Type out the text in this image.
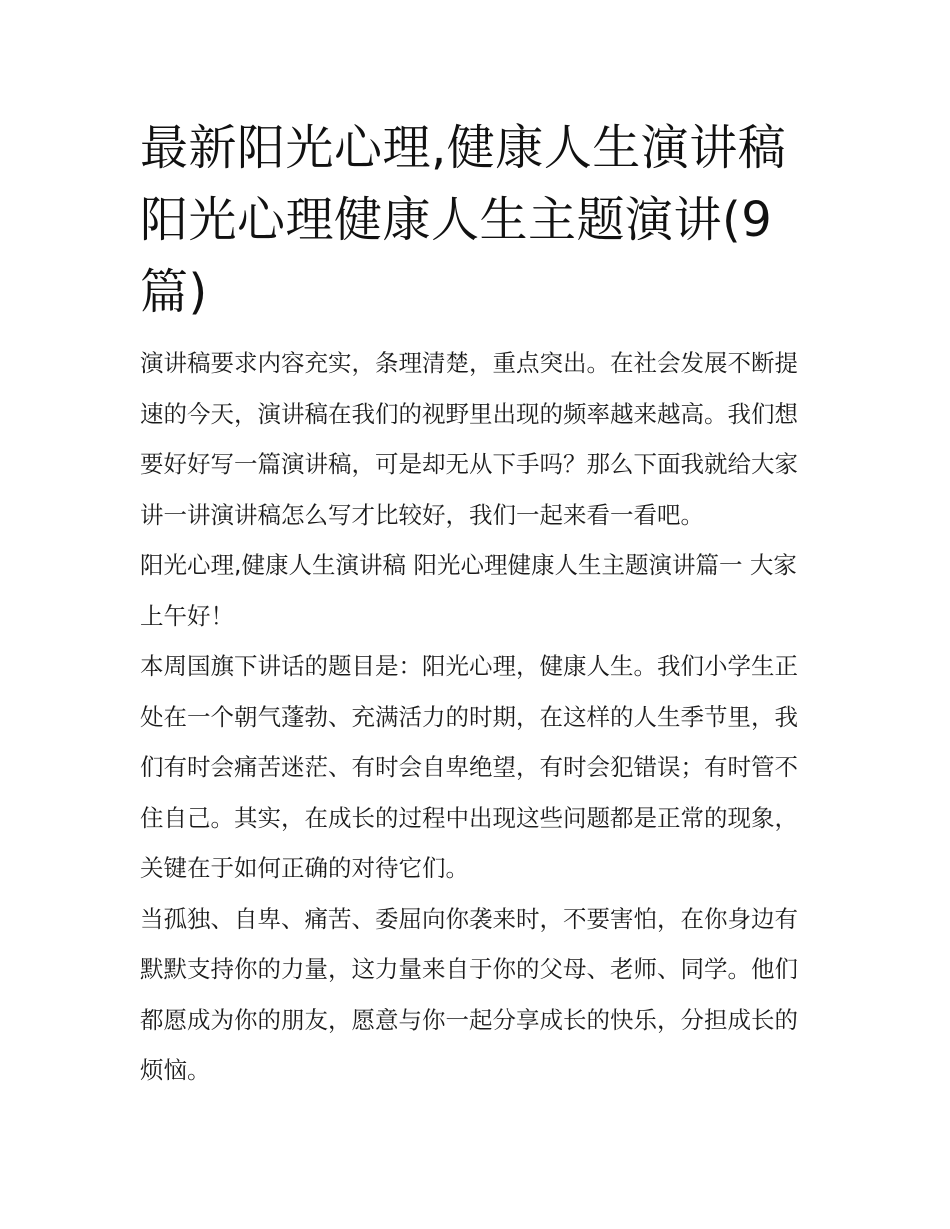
最新阳光心理,健康人生演讲稿
阳光心理健康人生主题演讲(9
篇)

演讲稿要求内容充实，条理清楚，重点突出。在社会发展不断提速的今天，演讲稿在我们的视野里出现的频率越来越高。我们想要好好写一篇演讲稿，可是却无从下手吗？那么下面我就给大家讲一讲演讲稿怎么写才比较好，我们一起来看一看吧。

阳光心理,健康人生演讲稿 阳光心理健康人生主题演讲篇一 大家上午好！

本周国旗下讲话的题目是：阳光心理，健康人生。我们小学生正处在一个朝气蓬勃、充满活力的时期，在这样的人生季节里，我们有时会痛苦迷茫、有时会自卑绝望，有时会犯错误；有时管不住自己。其实，在成长的过程中出现这些问题都是正常的现象，关键在于如何正确的对待它们。

当孤独、自卑、痛苦、委屈向你袭来时，不要害怕，在你身边有默默支持你的力量，这力量来自于你的父母、老师、同学。他们都愿成为你的朋友，愿意与你一起分享成长的快乐，分担成长的烦恼。
